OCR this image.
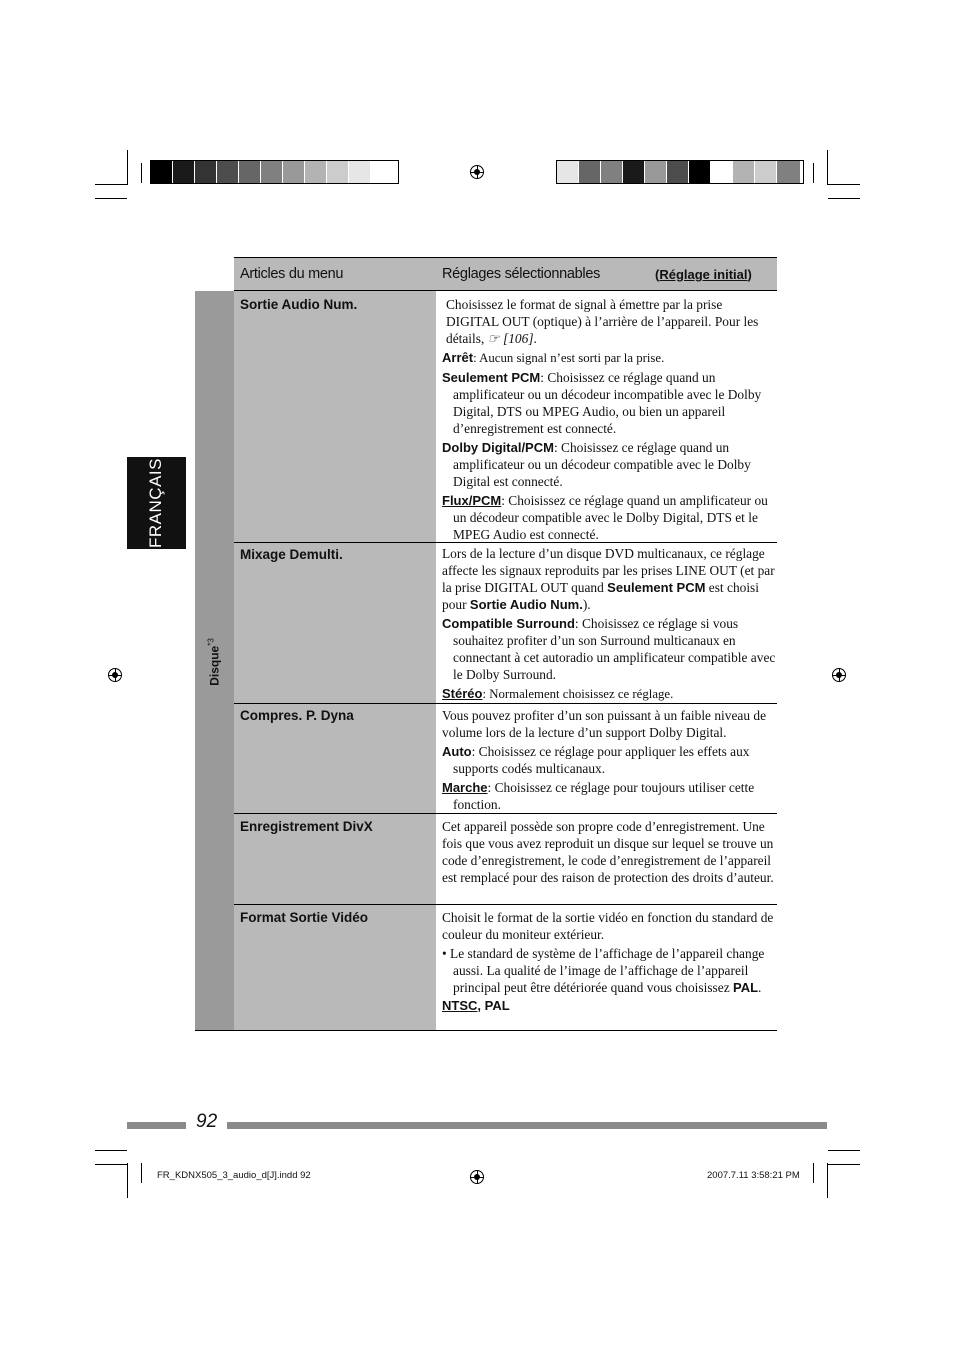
FRANÇAIS
Articles du menu	Réglages sélectionnables	(Réglage initial)
Disque$^{*3}$
Sortie Audio Num.	Choisissez le format de signal à émettre par la prise DIGITAL OUT (optique) à l’arrière de l’appareil. Pour les détails, ☞ [106].

Arrêt: Aucun signal n’est sorti par la prise.

Seulement PCM: Choisissez ce réglage quand un amplificateur ou un décodeur incompatible avec le Dolby Digital, DTS ou MPEG Audio, ou bien un appareil d’enregistrement est connecté.

Dolby Digital/PCM: Choisissez ce réglage quand un amplificateur ou un décodeur compatible avec le Dolby Digital est connecté.

Flux/PCM: Choisissez ce réglage quand un amplificateur ou un décodeur compatible avec le Dolby Digital, DTS et le MPEG Audio est connecté.

Mixage Demulti.	Lors de la lecture d’un disque DVD multicanaux, ce réglage affecte les signaux reproduits par les prises LINE OUT (et par la prise DIGITAL OUT quand Seulement PCM est choisi pour Sortie Audio Num.).

Compatible Surround: Choisissez ce réglage si vous souhaitez profiter d’un son Surround multicanaux en connectant à cet autoradio un amplificateur compatible avec le Dolby Surround.

Stéréo: Normalement choisissez ce réglage.

Compres. P. Dyna	Vous pouvez profiter d’un son puissant à un faible niveau de volume lors de la lecture d’un support Dolby Digital.

Auto: Choisissez ce réglage pour appliquer les effets aux supports codés multicanaux.

Marche: Choisissez ce réglage pour toujours utiliser cette fonction.

Enregistrement DivX	Cet appareil possède son propre code d’enregistrement. Une fois que vous avez reproduit un disque sur lequel se trouve un code d’enregistrement, le code d’enregistrement de l’appareil est remplacé pour des raison de protection des droits d’auteur.
Format Sortie Vidéo	Choisit le format de la sortie vidéo en fonction du standard de couleur du moniteur extérieur.

• Le standard de système de l’affichage de l’appareil change aussi. La qualité de l’image de l’affichage de l’appareil principal peut être détériorée quand vous choisissez PAL.

NTSC, PAL

92
FR_KDNX505_3_audio_d[J].indd 92	2007.7.11 3:58:21 PM
